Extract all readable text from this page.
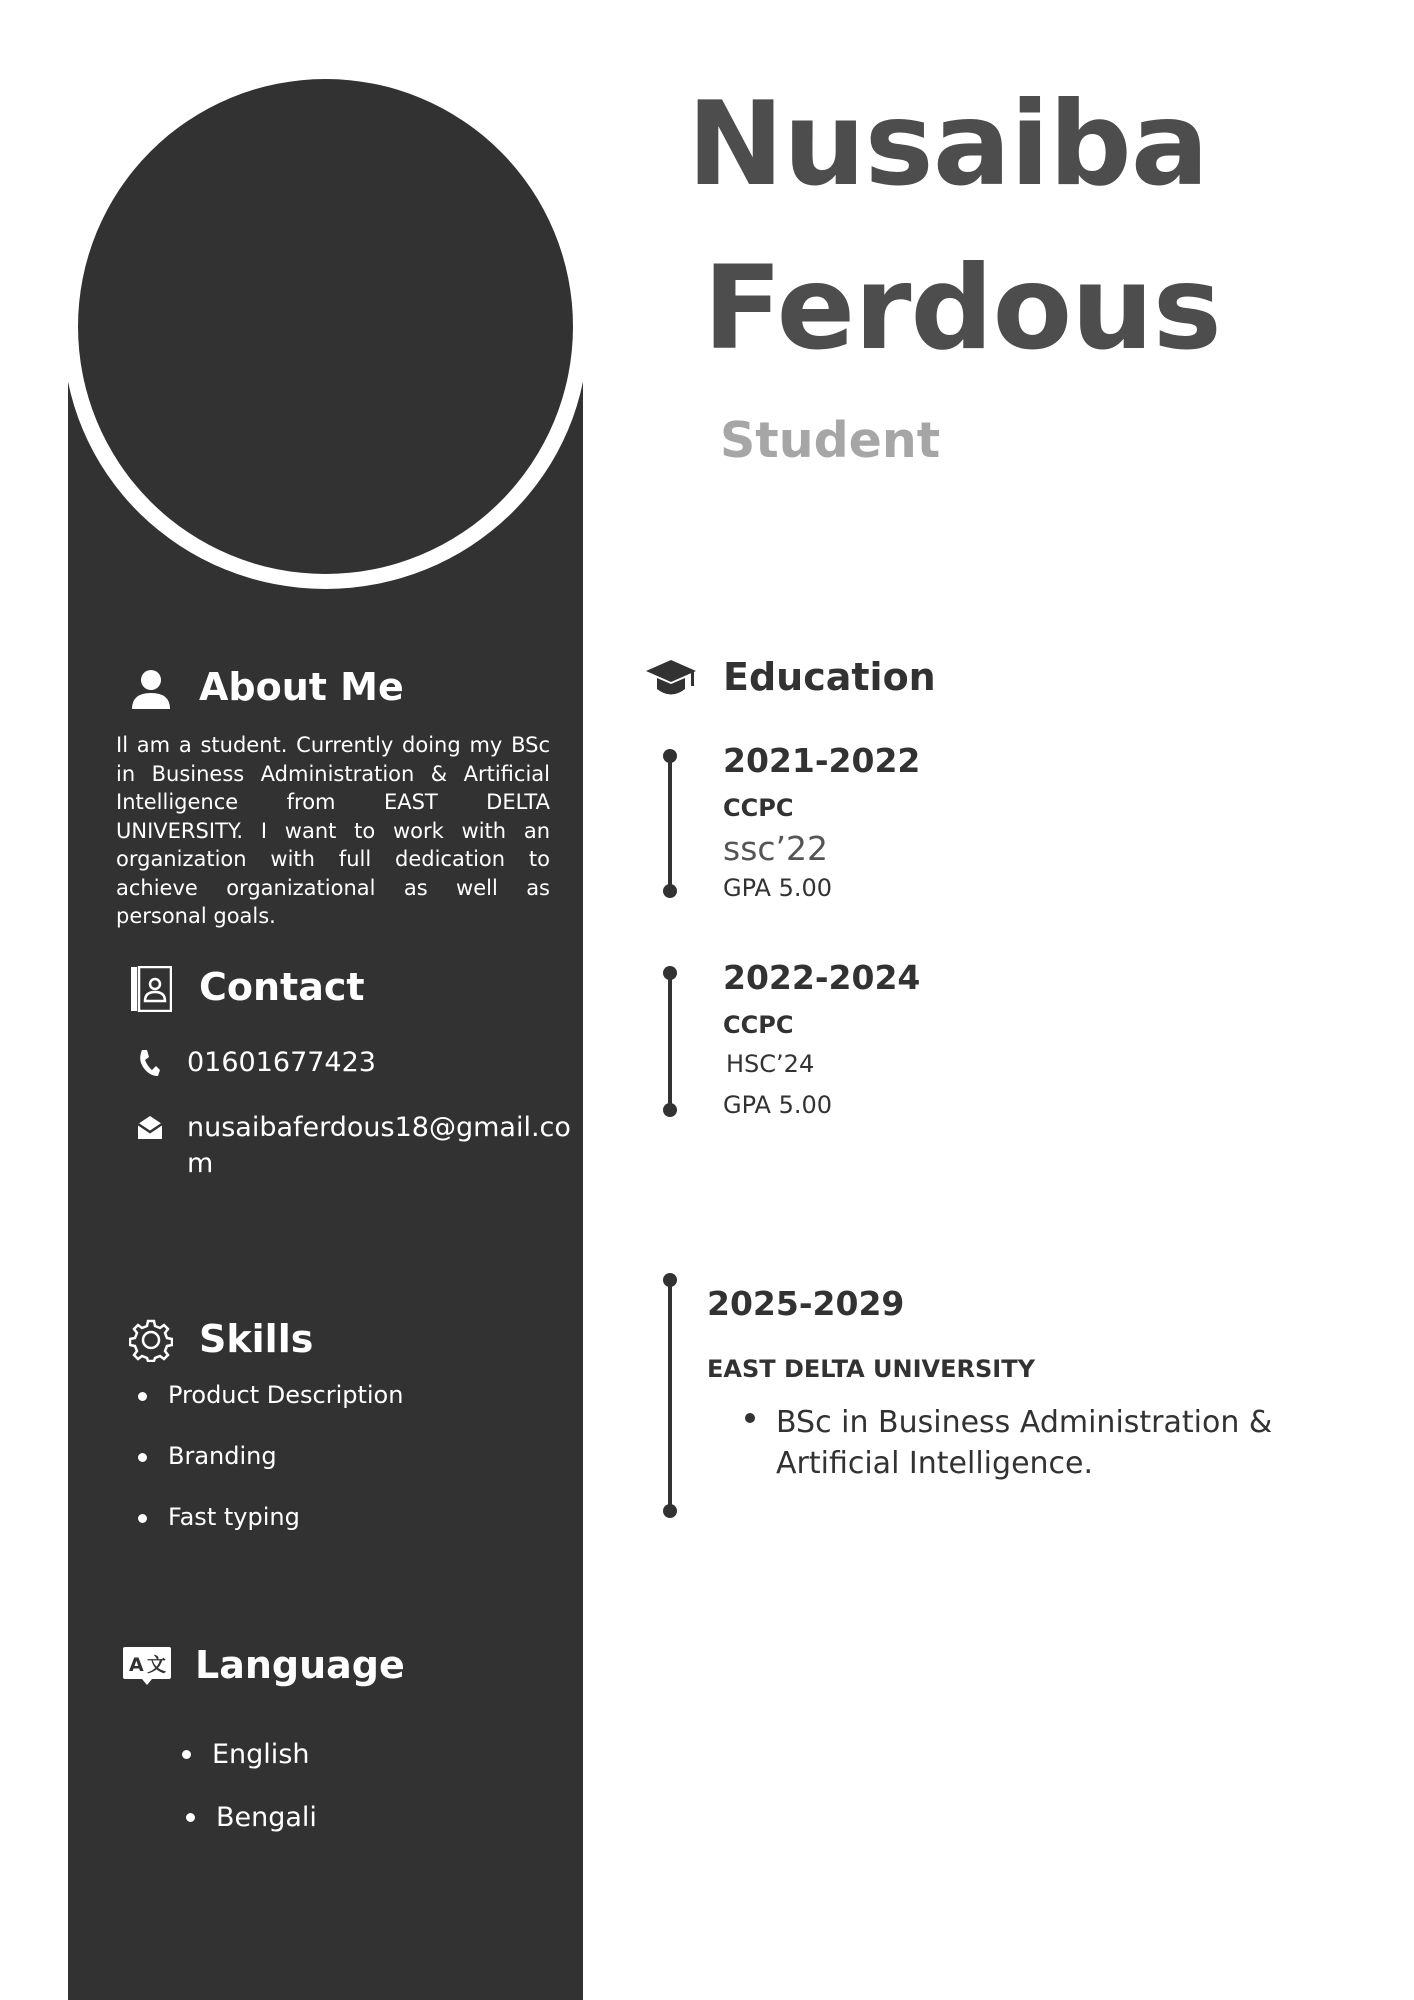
Nusaiba
Ferdous
Student
About Me

Il am a student. Currently doing my BSc in Business Administration & Artificial Intelligence from EAST DELTA UNIVERSITY. I want to work with an organization with full dedication to achieve organizational as well as personal goals.

Contact
01601677423
nusaibaferdous18@gmail.co
m
Skills
Product Description
Branding
Fast typing
A 文 Language
English
Bengali
Education
2021-2022
CCPC
ssc’22
GPA 5.00
2022-2024
CCPC
HSC’24
GPA 5.00
2025-2029
EAST DELTA UNIVERSITY

BSc in Business Administration & Artificial Intelligence.
